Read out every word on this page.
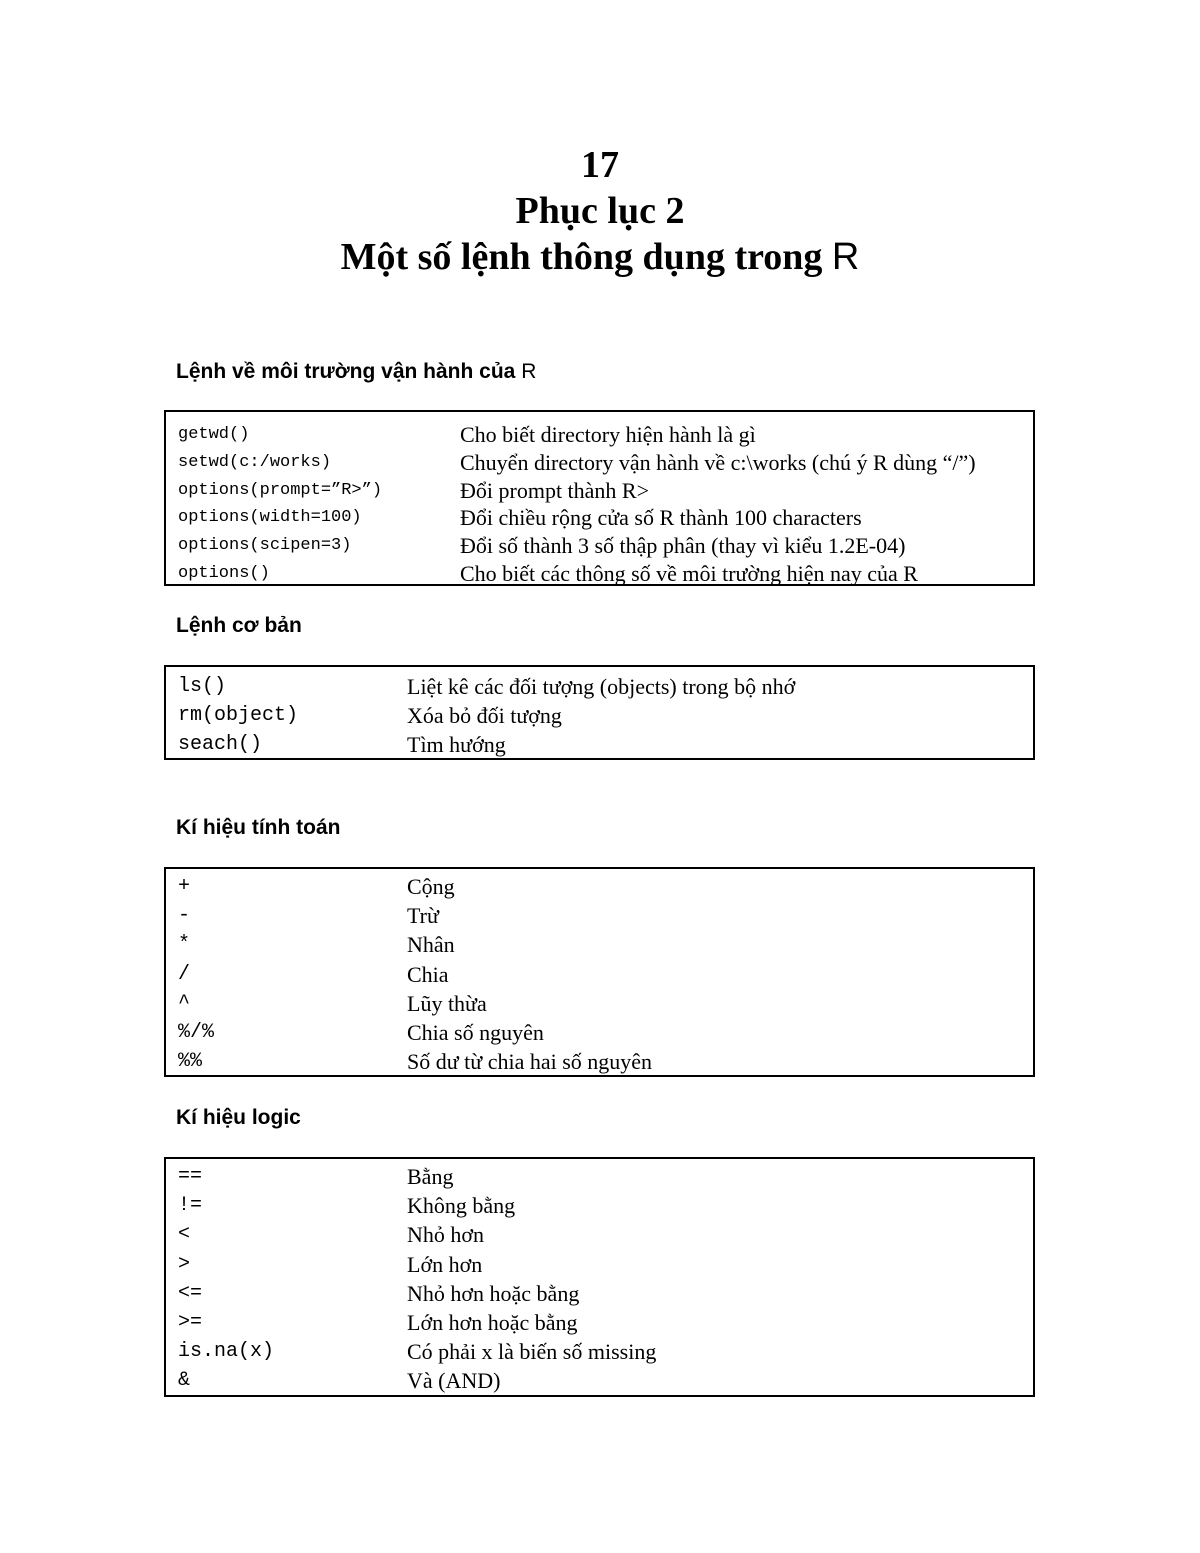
17
Phục lục 2
Một số lệnh thông dụng trong R
Lệnh về môi trường vận hành của R
getwd()	Cho biết directory hiện hành là gì
setwd(c:/works)	Chuyển directory vận hành về c:\works (chú ý R dùng “/”)
options(prompt=”R>”)	Đổi prompt thành R>
options(width=100)	Đổi chiều rộng cửa số R thành 100 characters
options(scipen=3)	Đổi số thành 3 số thập phân (thay vì kiểu 1.2E-04)
options()	Cho biết các thông số về môi trường hiện nay của R
Lệnh cơ bản
ls()	Liệt kê các đối tượng (objects) trong bộ nhớ
rm(object)	Xóa bỏ đối tượng
seach()	Tìm hướng
Kí hiệu tính toán
+	Cộng
-	Trừ
*	Nhân
/	Chia
^	Lũy thừa
%/%	Chia số nguyên
%%	Số dư từ chia hai số nguyên
Kí hiệu logic
==	Bằng
!=	Không bằng
<	Nhỏ hơn
>	Lớn hơn
<=	Nhỏ hơn hoặc bằng
>=	Lớn hơn hoặc bằng
is.na(x)	Có phải x là biến số missing
&	Và (AND)
